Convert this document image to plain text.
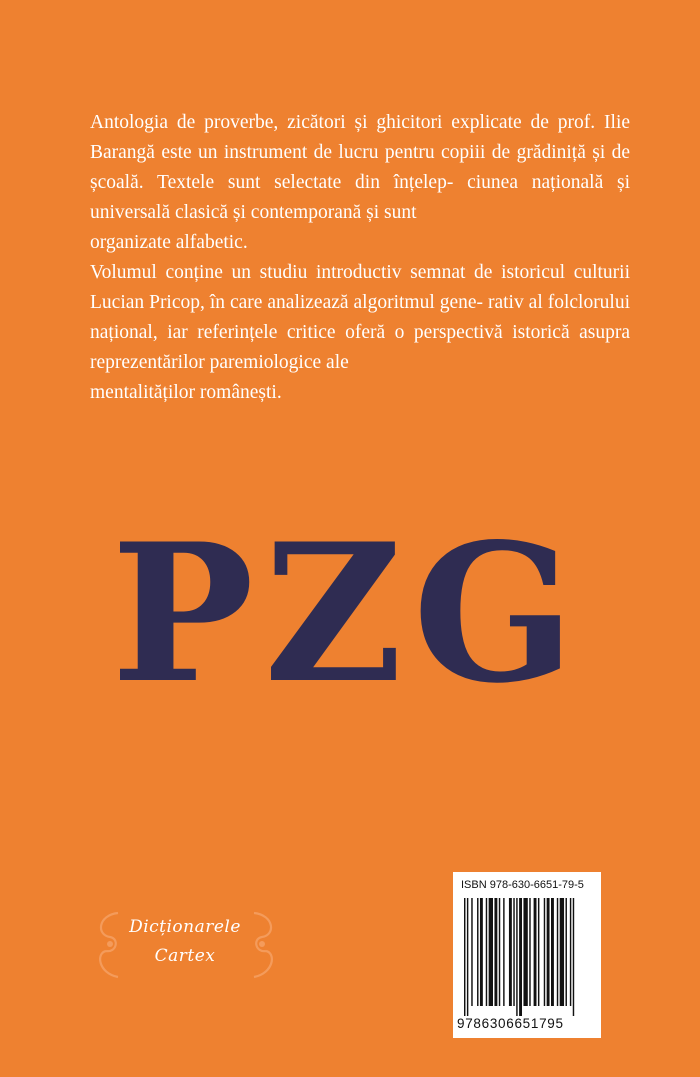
Antologia de proverbe, zicători și ghicitori explicate de prof. Ilie Barangă este un instrument de lucru pentru copiii de grădiniță și de școală. Textele sunt selectate din înțelep- ciunea națională și universală clasică și contemporană și sunt

organizate alfabetic.

Volumul conține un studiu introductiv semnat de istoricul culturii Lucian Pricop, în care analizează algoritmul gene- rativ al folclorului național, iar referințele critice oferă o perspectivă istorică asupra reprezentărilor paremiologice ale

mentalităților românești.

PZG
Dicționarele
Cartex
ISBN 978-630-6651-79-5
9786306651795
